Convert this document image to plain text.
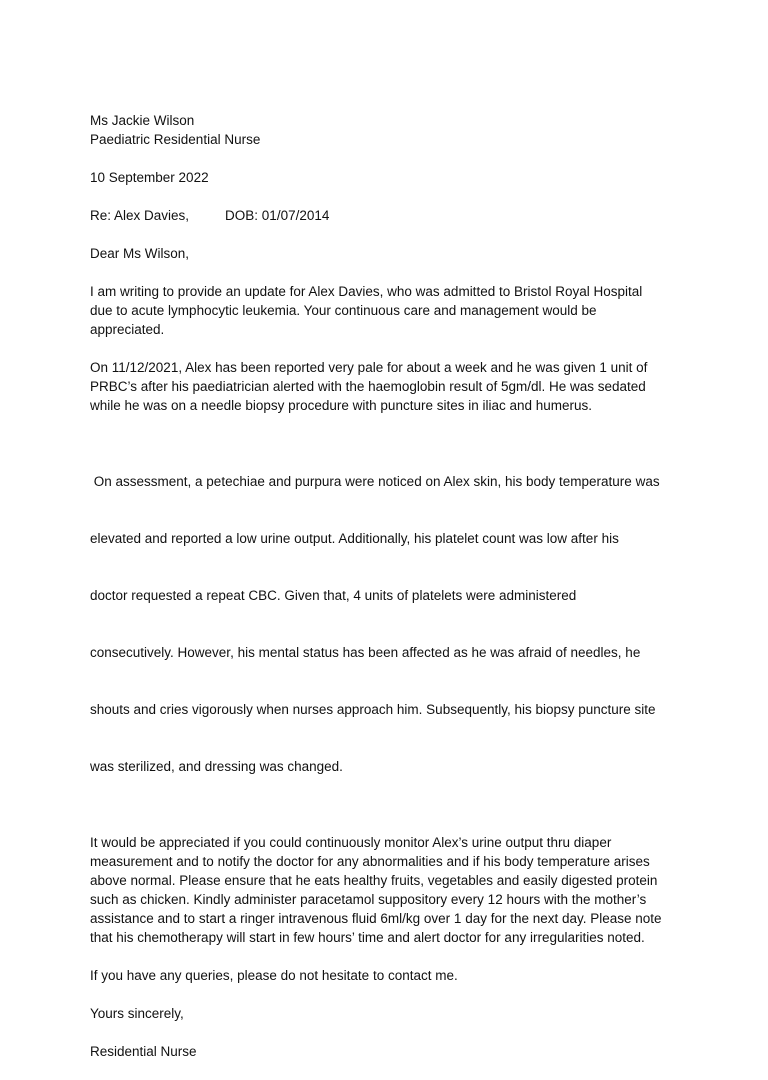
Ms Jackie Wilson
Paediatric Residential Nurse

10 September 2022

Re: Alex Davies,	DOB: 01/07/2014

Dear Ms Wilson,

I am writing to provide an update for Alex Davies, who was admitted to Bristol Royal Hospital
due to acute lymphocytic leukemia. Your continuous care and management would be
appreciated.

On 11/12/2021, Alex has been reported very pale for about a week and he was given 1 unit of
PRBC’s after his paediatrician alerted with the haemoglobin result of 5gm/dl. He was sedated
while he was on a needle biopsy procedure with puncture sites in iliac and humerus.

On assessment, a petechiae and purpura were noticed on Alex skin, his body temperature was

elevated and reported a low urine output. Additionally, his platelet count was low after his

doctor requested a repeat CBC. Given that, 4 units of platelets were administered

consecutively. However, his mental status has been affected as he was afraid of needles, he

shouts and cries vigorously when nurses approach him. Subsequently, his biopsy puncture site

was sterilized, and dressing was changed.

It would be appreciated if you could continuously monitor Alex’s urine output thru diaper
measurement and to notify the doctor for any abnormalities and if his body temperature arises
above normal. Please ensure that he eats healthy fruits, vegetables and easily digested protein
such as chicken. Kindly administer paracetamol suppository every 12 hours with the mother’s
assistance and to start a ringer intravenous fluid 6ml/kg over 1 day for the next day. Please note
that his chemotherapy will start in few hours’ time and alert doctor for any irregularities noted.

If you have any queries, please do not hesitate to contact me.

Yours sincerely,

Residential Nurse
